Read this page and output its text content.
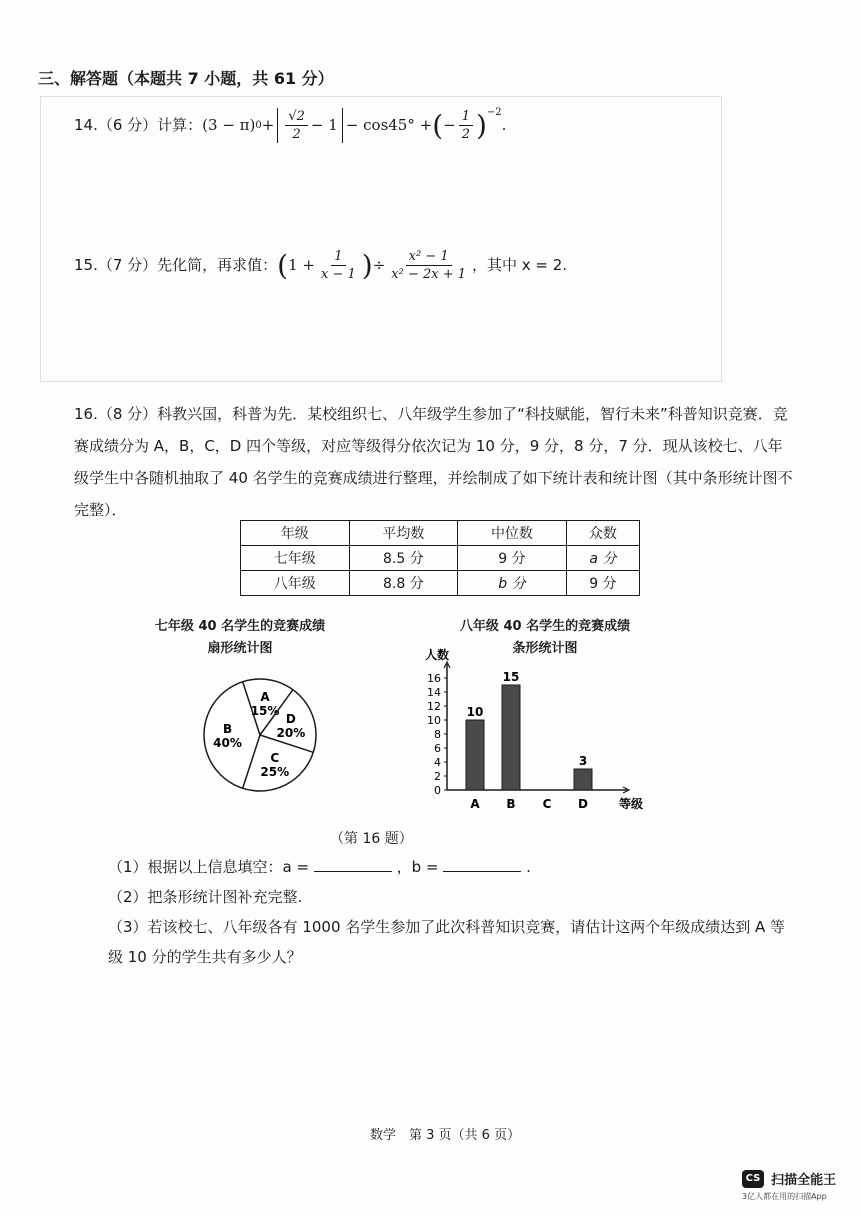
三、解答题（本题共 7 小题，共 61 分）
14.（6 分）计算： (3 − π) $0 + \frac{√2}{2} - 1 - \cos 45^\circ$ + ( − $\frac{1}{2} )^{-2}$
.
15.（7 分）先化简，再求值： ( $1 + \frac{1}{x - 1}$ ) ÷ $\frac{\text{x² − 1}}{\text{x² − 2x + 1}}$ ，其中 x = 2.
16.（8 分）科教兴国，科普为先．某校组织七、八年级学生参加了“科技赋能，智行未来”科普知识竞赛．竞赛成绩分为 A，B，C，D 四个等级，对应等级得分依次记为 10 分，9 分，8 分，7 分．现从该校七、八年级学生中各随机抽取了 40 名学生的竞赛成绩进行整理，并绘制成了如下统计表和统计图（其中条形统计图不完整）．
年级	平均数	中位数	众数
七年级	8.5 分	9 分	a 分
八年级	8.8 分	b 分	9 分
七年级 40 名学生的竞赛成绩
扇形统计图
八年级 40 名学生的竞赛成绩
条形统计图
A
15%
D
20%
C
25%
B
40%
0
2
4
6
8
10
12
14
16
人数
等级
10
A
15
B C
3
D
（第 16 题）
（1）根据以上信息填空：a =	，b =	.
（2）把条形统计图补充完整.
（3）若该校七、八年级各有 1000 名学生参加了此次科普知识竞赛，请估计这两个年级成绩达到 A 等级 10 分的学生共有多少人？
数学　第 3 页（共 6 页）
CS 扫描全能王
3亿人都在用的扫描App
